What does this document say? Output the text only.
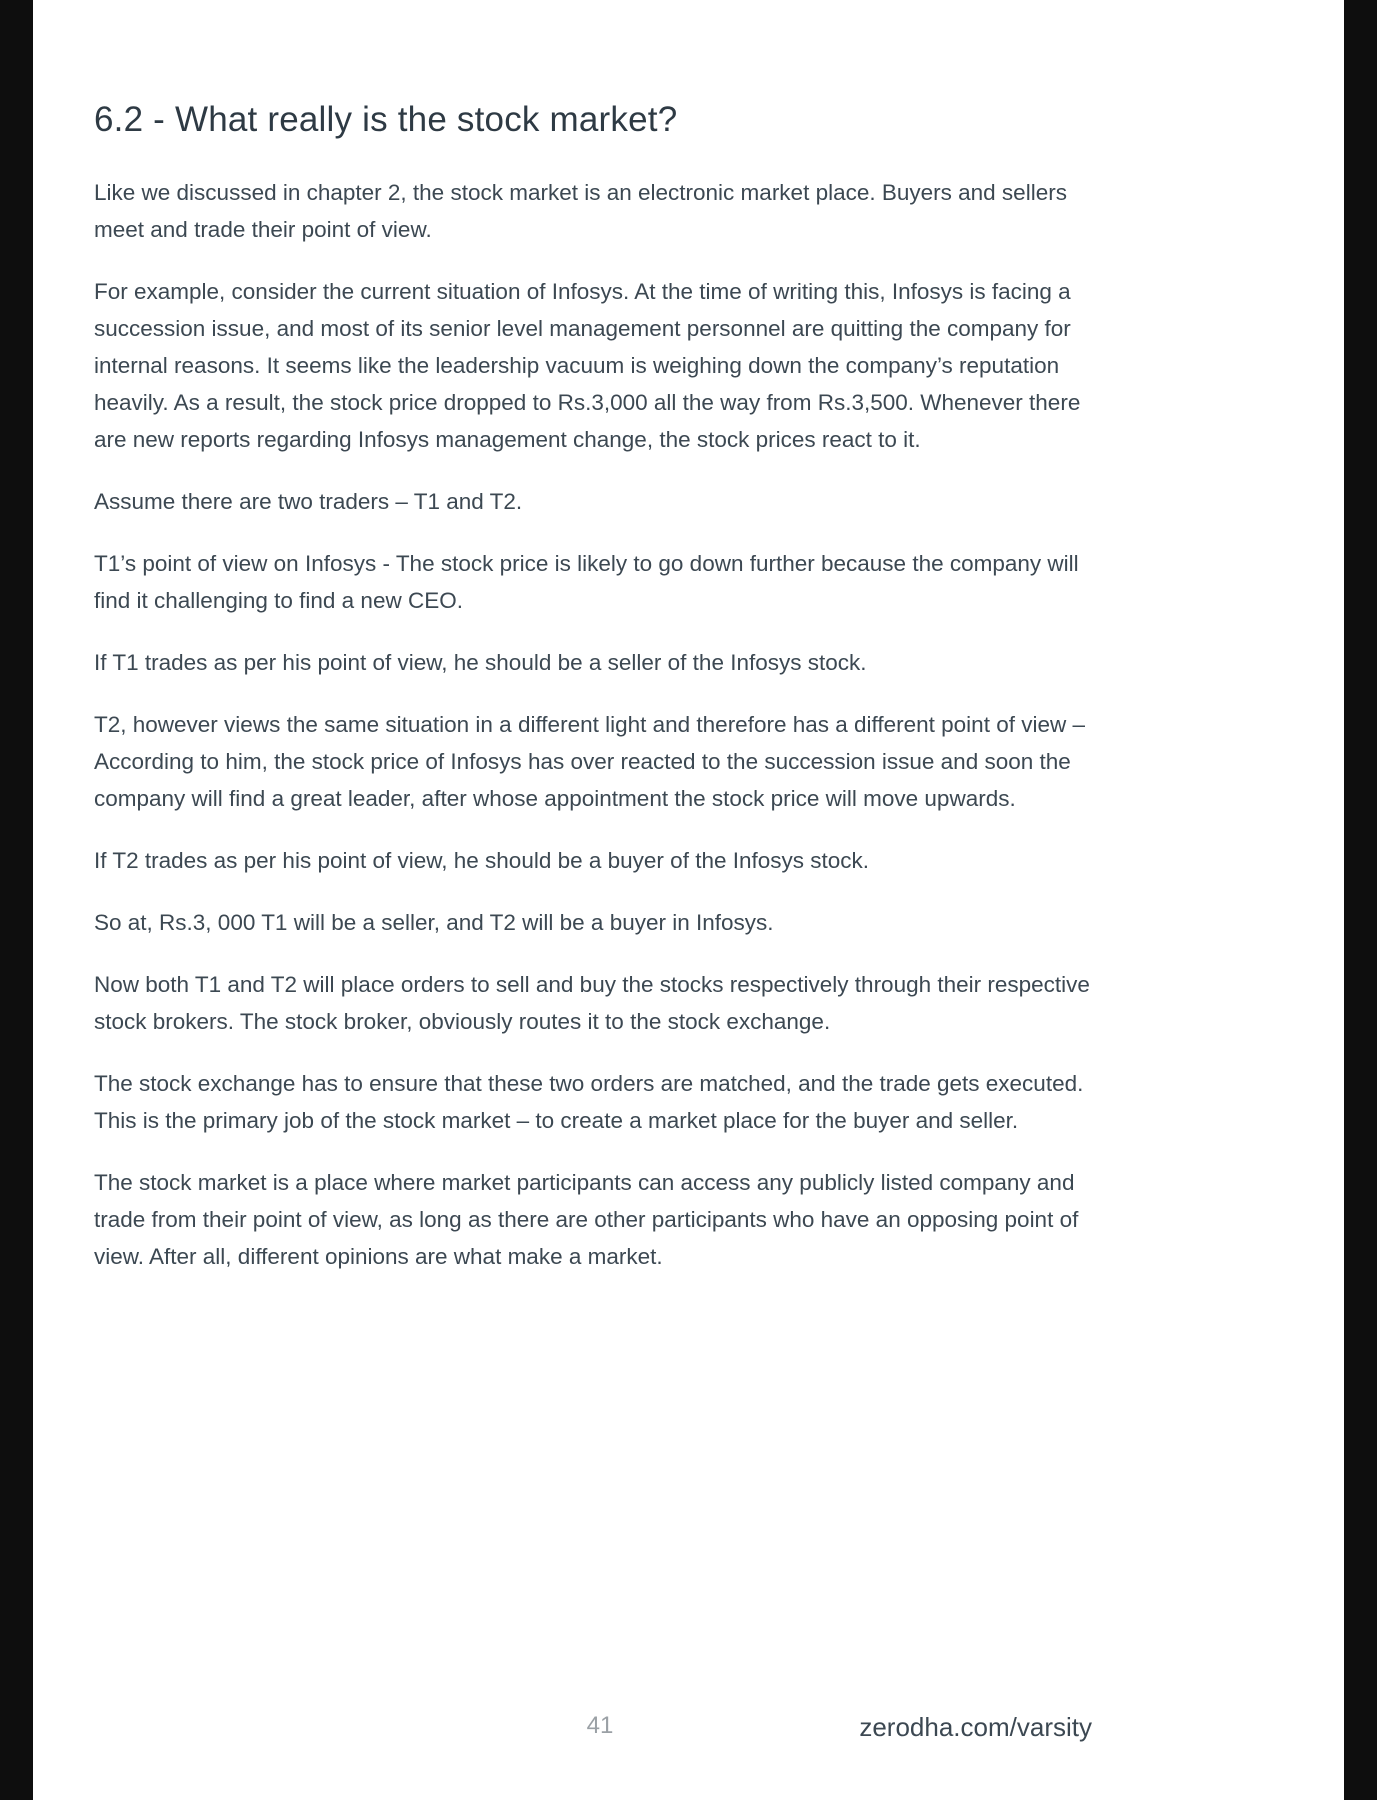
6.2 - What really is the stock market?

Like we discussed in chapter 2, the stock market is an electronic market place. Buyers and sellers meet and trade their point of view.

For example, consider the current situation of Infosys. At the time of writing this, Infosys is facing a succession issue, and most of its senior level management personnel are quitting the company for internal reasons. It seems like the leadership vacuum is weighing down the company’s reputation heavily. As a result, the stock price dropped to Rs.3,000 all the way from Rs.3,500. Whenever there are new reports regarding Infosys management change, the stock prices react to it.

Assume there are two traders – T1 and T2.

T1’s point of view on Infosys - The stock price is likely to go down further because the company will find it challenging to find a new CEO.

If T1 trades as per his point of view, he should be a seller of the Infosys stock.

T2, however views the same situation in a different light and therefore has a different point of view – According to him, the stock price of Infosys has over reacted to the succession issue and soon the company will find a great leader, after whose appointment the stock price will move upwards.

If T2 trades as per his point of view, he should be a buyer of the Infosys stock.

So at, Rs.3, 000 T1 will be a seller, and T2 will be a buyer in Infosys.

Now both T1 and T2 will place orders to sell and buy the stocks respectively through their respective stock brokers. The stock broker, obviously routes it to the stock exchange.

The stock exchange has to ensure that these two orders are matched, and the trade gets executed. This is the primary job of the stock market – to create a market place for the buyer and seller.

The stock market is a place where market participants can access any publicly listed company and trade from their point of view, as long as there are other participants who have an opposing point of view. After all, different opinions are what make a market.

41	zerodha.com/varsity
